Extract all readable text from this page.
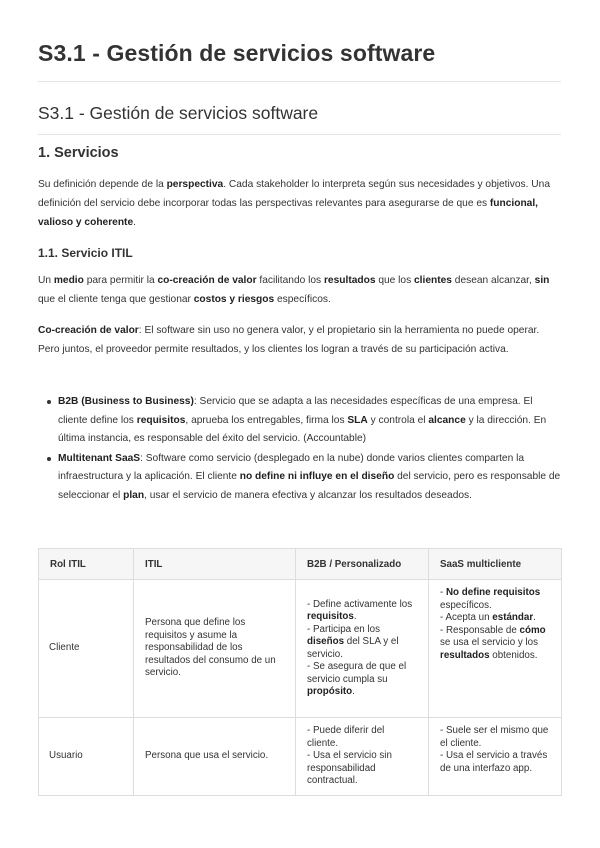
S3.1 - Gestión de servicios software
S3.1 - Gestión de servicios software
1. Servicios

Su definición depende de la perspectiva. Cada stakeholder lo interpreta según sus necesidades y objetivos. Una definición del servicio debe incorporar todas las perspectivas relevantes para asegurarse de que es funcional, valioso y coherente.

1.1. Servicio ITIL

Un medio para permitir la co-creación de valor facilitando los resultados que los clientes desean alcanzar, sin que el cliente tenga que gestionar costos y riesgos específicos.

Co-creación de valor: El software sin uso no genera valor, y el propietario sin la herramienta no puede operar. Pero juntos, el proveedor permite resultados, y los clientes los logran a través de su participación activa.

B2B (Business to Business): Servicio que se adapta a las necesidades específicas de una empresa. El cliente define los requisitos, aprueba los entregables, firma los SLA y controla el alcance y la dirección. En última instancia, es responsable del éxito del servicio. (Accountable)
Multitenant SaaS: Software como servicio (desplegado en la nube) donde varios clientes comparten la infraestructura y la aplicación. El cliente no define ni influye en el diseño del servicio, pero es responsable de seleccionar el plan, usar el servicio de manera efectiva y alcanzar los resultados deseados.
Rol ITIL	ITIL	B2B / Personalizado	SaaS multicliente
Cliente	Persona que define los requisitos y asume la responsabilidad de los resultados del consumo de un servicio.	- Define activamente los requisitos.
- Participa en los diseños del SLA y el servicio.
- Se asegura de que el servicio cumpla su propósito.	- No define requisitos específicos.
- Acepta un estándar.
- Responsable de cómo se usa el servicio y los resultados obtenidos.

Usuario	Persona que usa el servicio.	- Puede diferir del cliente.
- Usa el servicio sin responsabilidad contractual.	- Suele ser el mismo que el cliente.
- Usa el servicio a través de una interfazo app.
